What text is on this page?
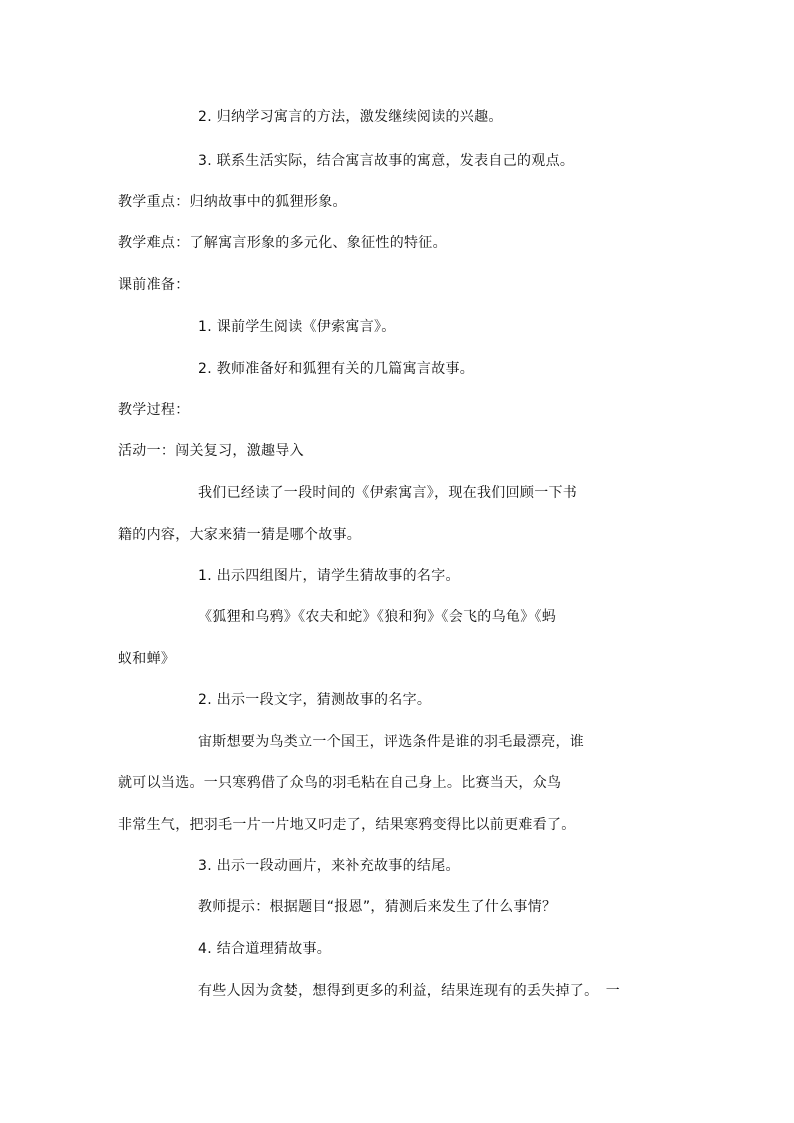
2. 归纳学习寓言的方法，激发继续阅读的兴趣。
3. 联系生活实际，结合寓言故事的寓意，发表自己的观点。
教学重点：归纳故事中的狐狸形象。
教学难点：了解寓言形象的多元化、象征性的特征。
课前准备：
1. 课前学生阅读《伊索寓言》。
2. 教师准备好和狐狸有关的几篇寓言故事。
教学过程：
活动一：闯关复习，激趣导入
我们已经读了一段时间的《伊索寓言》，现在我们回顾一下书
籍的内容，大家来猜一猜是哪个故事。
1. 出示四组图片，请学生猜故事的名字。
《狐狸和乌鸦》《农夫和蛇》《狼和狗》《会飞的乌龟》《蚂
蚁和蝉》
2. 出示一段文字，猜测故事的名字。
宙斯想要为鸟类立一个国王，评选条件是谁的羽毛最漂亮，谁
就可以当选。一只寒鸦借了众鸟的羽毛粘在自己身上。比赛当天，众鸟
非常生气，把羽毛一片一片地又叼走了，结果寒鸦变得比以前更难看了。
3. 出示一段动画片，来补充故事的结尾。
教师提示：根据题目“报恩”，猜测后来发生了什么事情？
4. 结合道理猜故事。
有些人因为贪婪，想得到更多的利益，结果连现有的丢失掉了。　一
